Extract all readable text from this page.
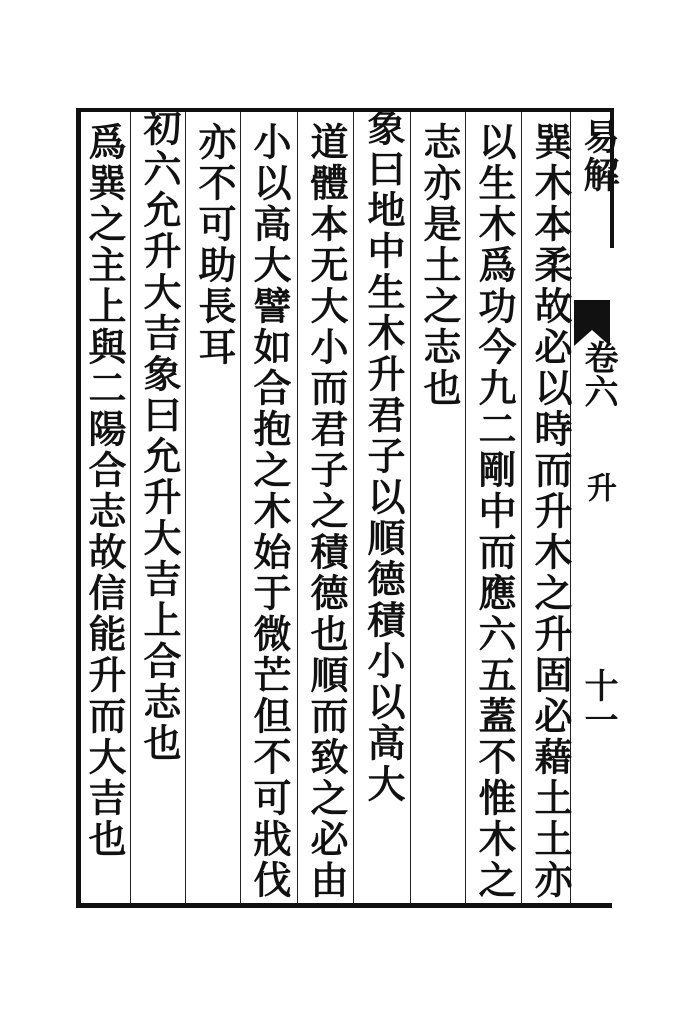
巽木本柔故必以時而升木之升固必藉土土亦
以生木爲功今九二剛中而應六五蓋不惟木之
志亦是土之志也
象曰地中生木升君子以順德積小以高大
道體本无大小而君子之積德也順而致之必由
小以高大譬如合抱之木始于微芒但不可戕伐
亦不可助長耳
初六允升大吉象曰允升大吉上合志也
爲巽之主上與二陽合志故信能升而大吉也	易解
卷六
升
十一
